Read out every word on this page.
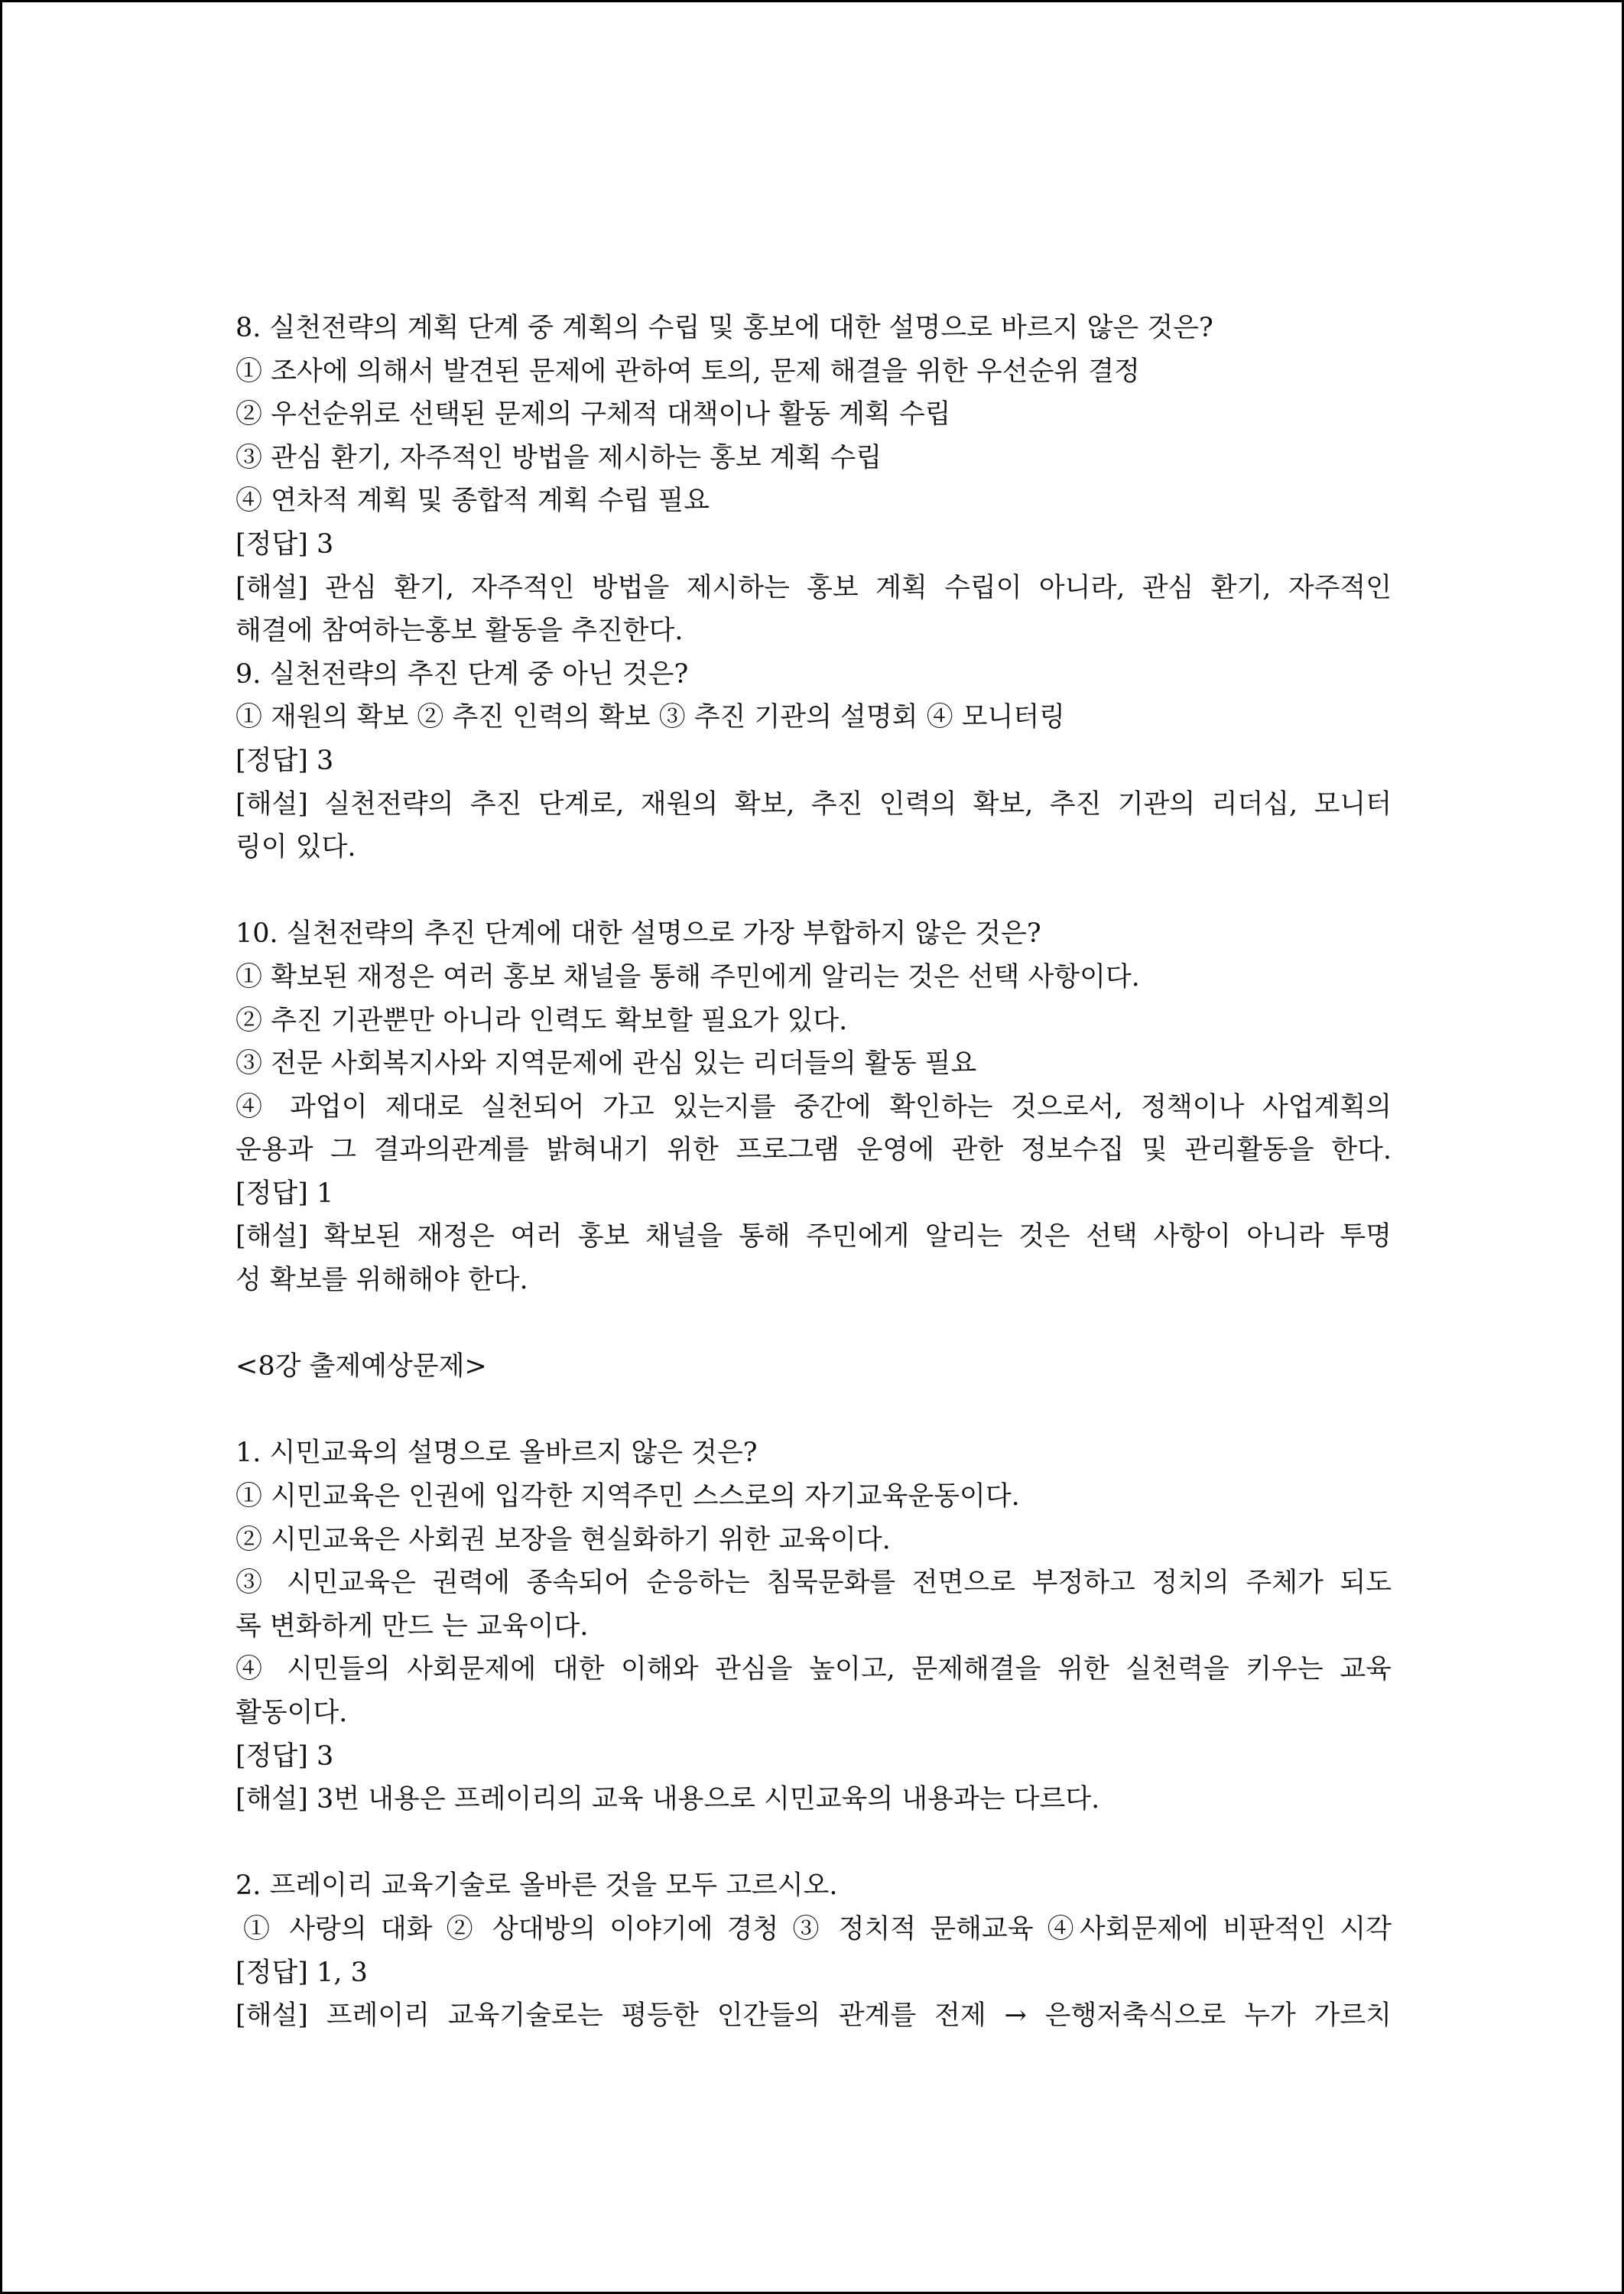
8. 실천전략의 계획 단계 중 계획의 수립 및 홍보에 대한 설명으로 바르지 않은 것은?
① 조사에 의해서 발견된 문제에 관하여 토의, 문제 해결을 위한 우선순위 결정
② 우선순위로 선택된 문제의 구체적 대책이나 활동 계획 수립
③ 관심 환기, 자주적인 방법을 제시하는 홍보 계획 수립
④ 연차적 계획 및 종합적 계획 수립 필요
[정답] 3
[해설] 관심 환기, 자주적인 방법을 제시하는 홍보 계획 수립이 아니라, 관심 환기, 자주적인
해결에 참여하는홍보 활동을 추진한다.
9. 실천전략의 추진 단계 중 아닌 것은?
① 재원의 확보 ② 추진 인력의 확보 ③ 추진 기관의 설명회 ④ 모니터링
[정답] 3
[해설] 실천전략의 추진 단계로, 재원의 확보, 추진 인력의 확보, 추진 기관의 리더십, 모니터
링이 있다.
10. 실천전략의 추진 단계에 대한 설명으로 가장 부합하지 않은 것은?
① 확보된 재정은 여러 홍보 채널을 통해 주민에게 알리는 것은 선택 사항이다.
② 추진 기관뿐만 아니라 인력도 확보할 필요가 있다.
③ 전문 사회복지사와 지역문제에 관심 있는 리더들의 활동 필요
④ 과업이 제대로 실천되어 가고 있는지를 중간에 확인하는 것으로서, 정책이나 사업계획의
운용과 그 결과의관계를 밝혀내기 위한 프로그램 운영에 관한 정보수집 및 관리활동을 한다.
[정답] 1
[해설] 확보된 재정은 여러 홍보 채널을 통해 주민에게 알리는 것은 선택 사항이 아니라 투명
성 확보를 위해해야 한다.
<8강 출제예상문제>
1. 시민교육의 설명으로 올바르지 않은 것은?
① 시민교육은 인권에 입각한 지역주민 스스로의 자기교육운동이다.
② 시민교육은 사회권 보장을 현실화하기 위한 교육이다.
③ 시민교육은 권력에 종속되어 순응하는 침묵문화를 전면으로 부정하고 정치의 주체가 되도
록 변화하게 만드 는 교육이다.
④ 시민들의 사회문제에 대한 이해와 관심을 높이고, 문제해결을 위한 실천력을 키우는 교육
활동이다.
[정답] 3
[해설] 3번 내용은 프레이리의 교육 내용으로 시민교육의 내용과는 다르다.
2. 프레이리 교육기술로 올바른 것을 모두 고르시오.
① 사랑의 대화 ② 상대방의 이야기에 경청 ③ 정치적 문해교육 ④사회문제에 비판적인 시각
[정답] 1, 3
[해설] 프레이리 교육기술로는 평등한 인간들의 관계를 전제 → 은행저축식으로 누가 가르치
